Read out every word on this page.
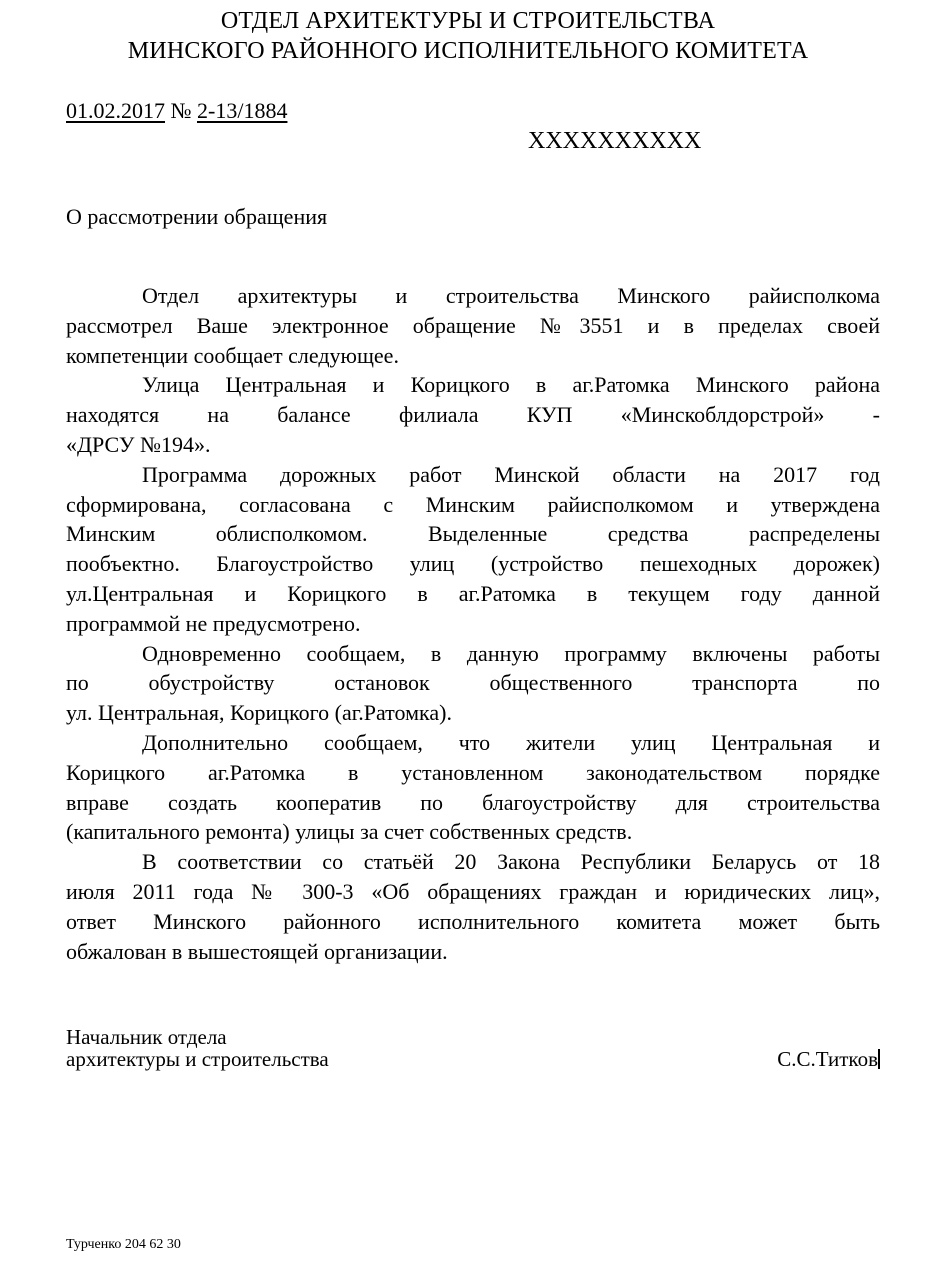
ОТДЕЛ АРХИТЕКТУРЫ И СТРОИТЕЛЬСТВА
МИНСКОГО РАЙОННОГО ИСПОЛНИТЕЛЬНОГО КОМИТЕТА
01.02.2017 № 2-13/1884
XXXXXXXXXX
О рассмотрении обращения
Отдел архитектуры и строительства Минского райисполкома
рассмотрел Ваше электронное обращение №3551 и в пределах своей
компетенции сообщает следующее.
Улица Центральная и Корицкого в аг.Ратомка Минского района
находятся на балансе филиала КУП «Минскоблдорстрой» -
«ДРСУ №194».
Программа дорожных работ Минской области на 2017 год
сформирована, согласована с Минским райисполкомом и утверждена
Минским облисполкомом. Выделенные средства распределены
пообъектно. Благоустройство улиц (устройство пешеходных дорожек)
ул.Центральная и Корицкого в аг.Ратомка в текущем году данной
программой не предусмотрено.
Одновременно сообщаем, в данную программу включены работы
по обустройству остановок общественного транспорта по
ул. Центральная, Корицкого (аг.Ратомка).
Дополнительно сообщаем, что жители улиц Центральная и
Корицкого аг.Ратомка в установленном законодательством порядке
вправе создать кооператив по благоустройству для строительства
(капитального ремонта) улицы за счет собственных средств.
В соответствии со статьёй 20 Закона Республики Беларусь от 18
июля 2011 года № 300-3 «Об обращениях граждан и юридических лиц»,
ответ Минского районного исполнительного комитета может быть
обжалован в вышестоящей организации.
Начальник отдела
архитектуры и строительства	С.С.Титков
Турченко 204 62 30
